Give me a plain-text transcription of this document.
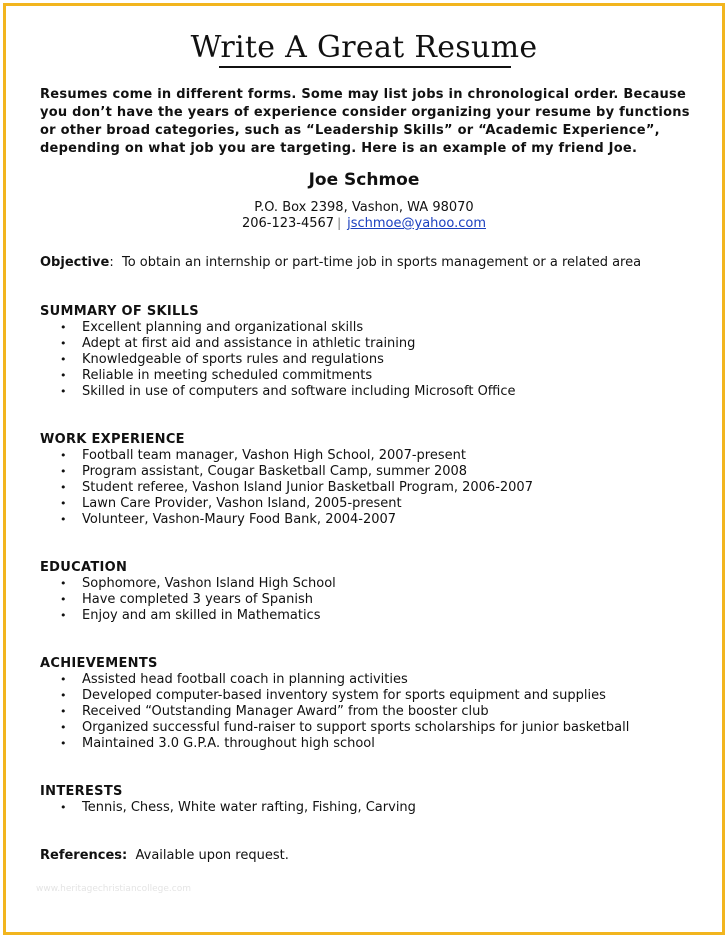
Write A Great Resume
Resumes come in different forms. Some may list jobs in chronological order. Because you don’t have the years of experience consider organizing your resume by functions or other broad categories, such as “Leadership Skills” or “Academic Experience”, depending on what job you are targeting. Here is an example of my friend Joe.
Joe Schmoe
P.O. Box 2398, Vashon, WA 98070
206-123-4567 | jschmoe@yahoo.com
Objective:  To obtain an internship or part-time job in sports management or a related area
SUMMARY OF SKILLS
• Excellent planning and organizational skills
• Adept at first aid and assistance in athletic training
• Knowledgeable of sports rules and regulations
• Reliable in meeting scheduled commitments
• Skilled in use of computers and software including Microsoft Office
WORK EXPERIENCE
• Football team manager, Vashon High School, 2007-present
• Program assistant, Cougar Basketball Camp, summer 2008
• Student referee, Vashon Island Junior Basketball Program, 2006-2007
• Lawn Care Provider, Vashon Island, 2005-present
• Volunteer, Vashon-Maury Food Bank, 2004-2007
EDUCATION
• Sophomore, Vashon Island High School
• Have completed 3 years of Spanish
• Enjoy and am skilled in Mathematics
ACHIEVEMENTS
• Assisted head football coach in planning activities
• Developed computer-based inventory system for sports equipment and supplies
• Received “Outstanding Manager Award” from the booster club
• Organized successful fund-raiser to support sports scholarships for junior basketball
• Maintained 3.0 G.P.A. throughout high school
INTERESTS
• Tennis, Chess, White water rafting, Fishing, Carving
References: Available upon request.
www.heritagechristiancollege.com
